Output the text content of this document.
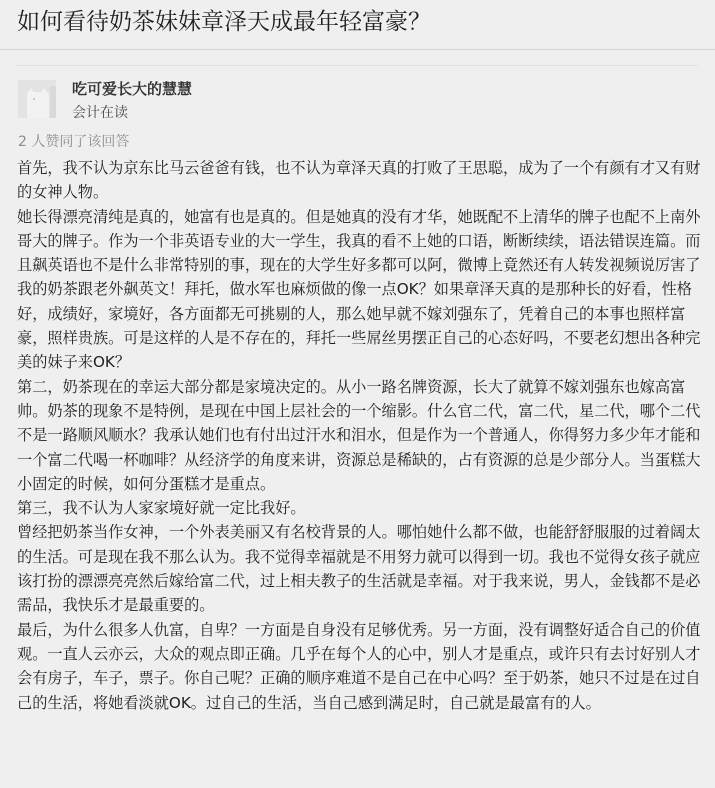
如何看待奶茶妹妹章泽天成最年轻富豪？
吃可爱长大的慧慧
会计在读
2 人赞同了该回答

首先，我不认为京东比马云爸爸有钱，也不认为章泽天真的打败了王思聪，成为了一个有颜有才又有财的女神人物。

她长得漂亮清纯是真的，她富有也是真的。但是她真的没有才华，她既配不上清华的牌子也配不上南外哥大的牌子。作为一个非英语专业的大一学生，我真的看不上她的口语，断断续续，语法错误连篇。而且飙英语也不是什么非常特别的事，现在的大学生好多都可以阿，微博上竟然还有人转发视频说厉害了我的奶茶跟老外飙英文！拜托，做水军也麻烦做的像一点OK？如果章泽天真的是那种长的好看，性格好，成绩好，家境好，各方面都无可挑剔的人，那么她早就不嫁刘强东了，凭着自己的本事也照样富豪，照样贵族。可是这样的人是不存在的，拜托一些屌丝男摆正自己的心态好吗，不要老幻想出各种完美的妹子来OK？

第二，奶茶现在的幸运大部分都是家境决定的。从小一路名牌资源，长大了就算不嫁刘强东也嫁高富帅。奶茶的现象不是特例，是现在中国上层社会的一个缩影。什么官二代，富二代，星二代，哪个二代不是一路顺风顺水？我承认她们也有付出过汗水和泪水，但是作为一个普通人，你得努力多少年才能和一个富二代喝一杯咖啡？从经济学的角度来讲，资源总是稀缺的，占有资源的总是少部分人。当蛋糕大小固定的时候，如何分蛋糕才是重点。

第三，我不认为人家家境好就一定比我好。

曾经把奶茶当作女神，一个外表美丽又有名校背景的人。哪怕她什么都不做，也能舒舒服服的过着阔太的生活。可是现在我不那么认为。我不觉得幸福就是不用努力就可以得到一切。我也不觉得女孩子就应该打扮的漂漂亮亮然后嫁给富二代，过上相夫教子的生活就是幸福。对于我来说，男人，金钱都不是必需品，我快乐才是最重要的。

最后，为什么很多人仇富，自卑？一方面是自身没有足够优秀。另一方面，没有调整好适合自己的价值观。一直人云亦云，大众的观点即正确。几乎在每个人的心中，别人才是重点，或许只有去讨好别人才会有房子，车子，票子。你自己呢？正确的顺序难道不是自己在中心吗？至于奶茶，她只不过是在过自己的生活，将她看淡就OK。过自己的生活，当自己感到满足时，自己就是最富有的人。
